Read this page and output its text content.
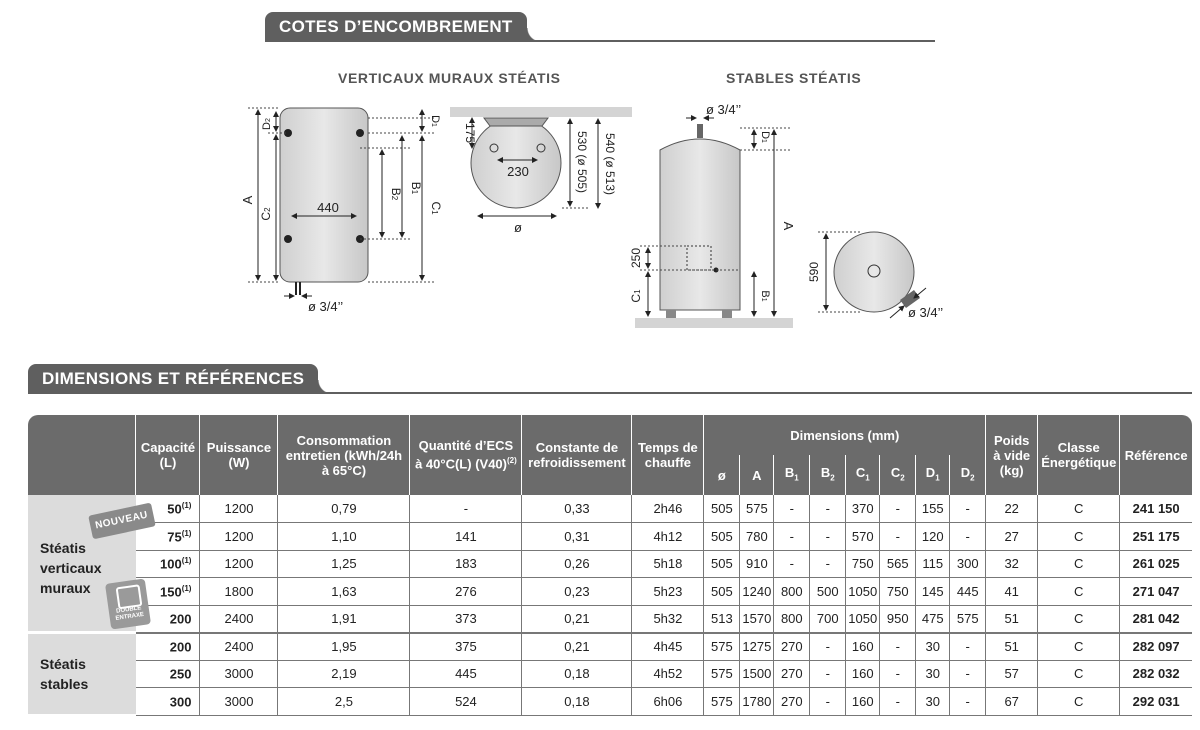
COTES D’ENCOMBREMENT
VERTICAUX MURAUX STÉATIS	STABLES STÉATIS
A
C2
D2
440
B2
B1
C1
D1
ø 3/4’’
230
175
ø
530 (ø 505) 540 (ø 513)
ø 3/4’’
D1
A
250
C1	B1
590
ø 3/4’’
DIMENSIONS ET RÉFÉRENCES
	Capacité (L)	Puissance (W)	Consommation entretien (kWh/24h à 65°C)	Quantité d’ECS à 40°C(L) $(V40)^{(2)}$	Constante de refroidissement	Temps de chauffe	Dimensions (mm)								Poids à vide (kg)	Classe Énergétique	Référence
							ø	A	$B_1$	$B_2$	$C_1$	$C_2$	$D_1$	$D_2$

Stéatis verticaux muraux
NOUVEAU
DOUBLE ENTRAXE	50$^{(1)}$	1200	0,79	-	0,33	2h46	505	575	-	-	370	-	155	-	22	C	241 150
	75$^{(1)}$	1200	1,10	141	0,31	4h12	505	780	-	-	570	-	120	-	27	C	251 175
	100$^{(1)}$	1200	1,25	183	0,26	5h18	505	910	-	-	750	565	115	300	32	C	261 025
	150$^{(1)}$	1800	1,63	276	0,23	5h23	505	1240	800	500	1050	750	145	445	41	C	271 047
	200	2400	1,91	373	0,21	5h32	513	1570	800	700	1050	950	475	575	51	C	281 042

Stéatis stables	200	2400	1,95	375	0,21	4h45	575	1275	270	-	160	-	30	-	51	C	282 097
	250	3000	2,19	445	0,18	4h52	575	1500	270	-	160	-	30	-	57	C	282 032
	300	3000	2,5	524	0,18	6h06	575	1780	270	-	160	-	30	-	67	C	292 031
